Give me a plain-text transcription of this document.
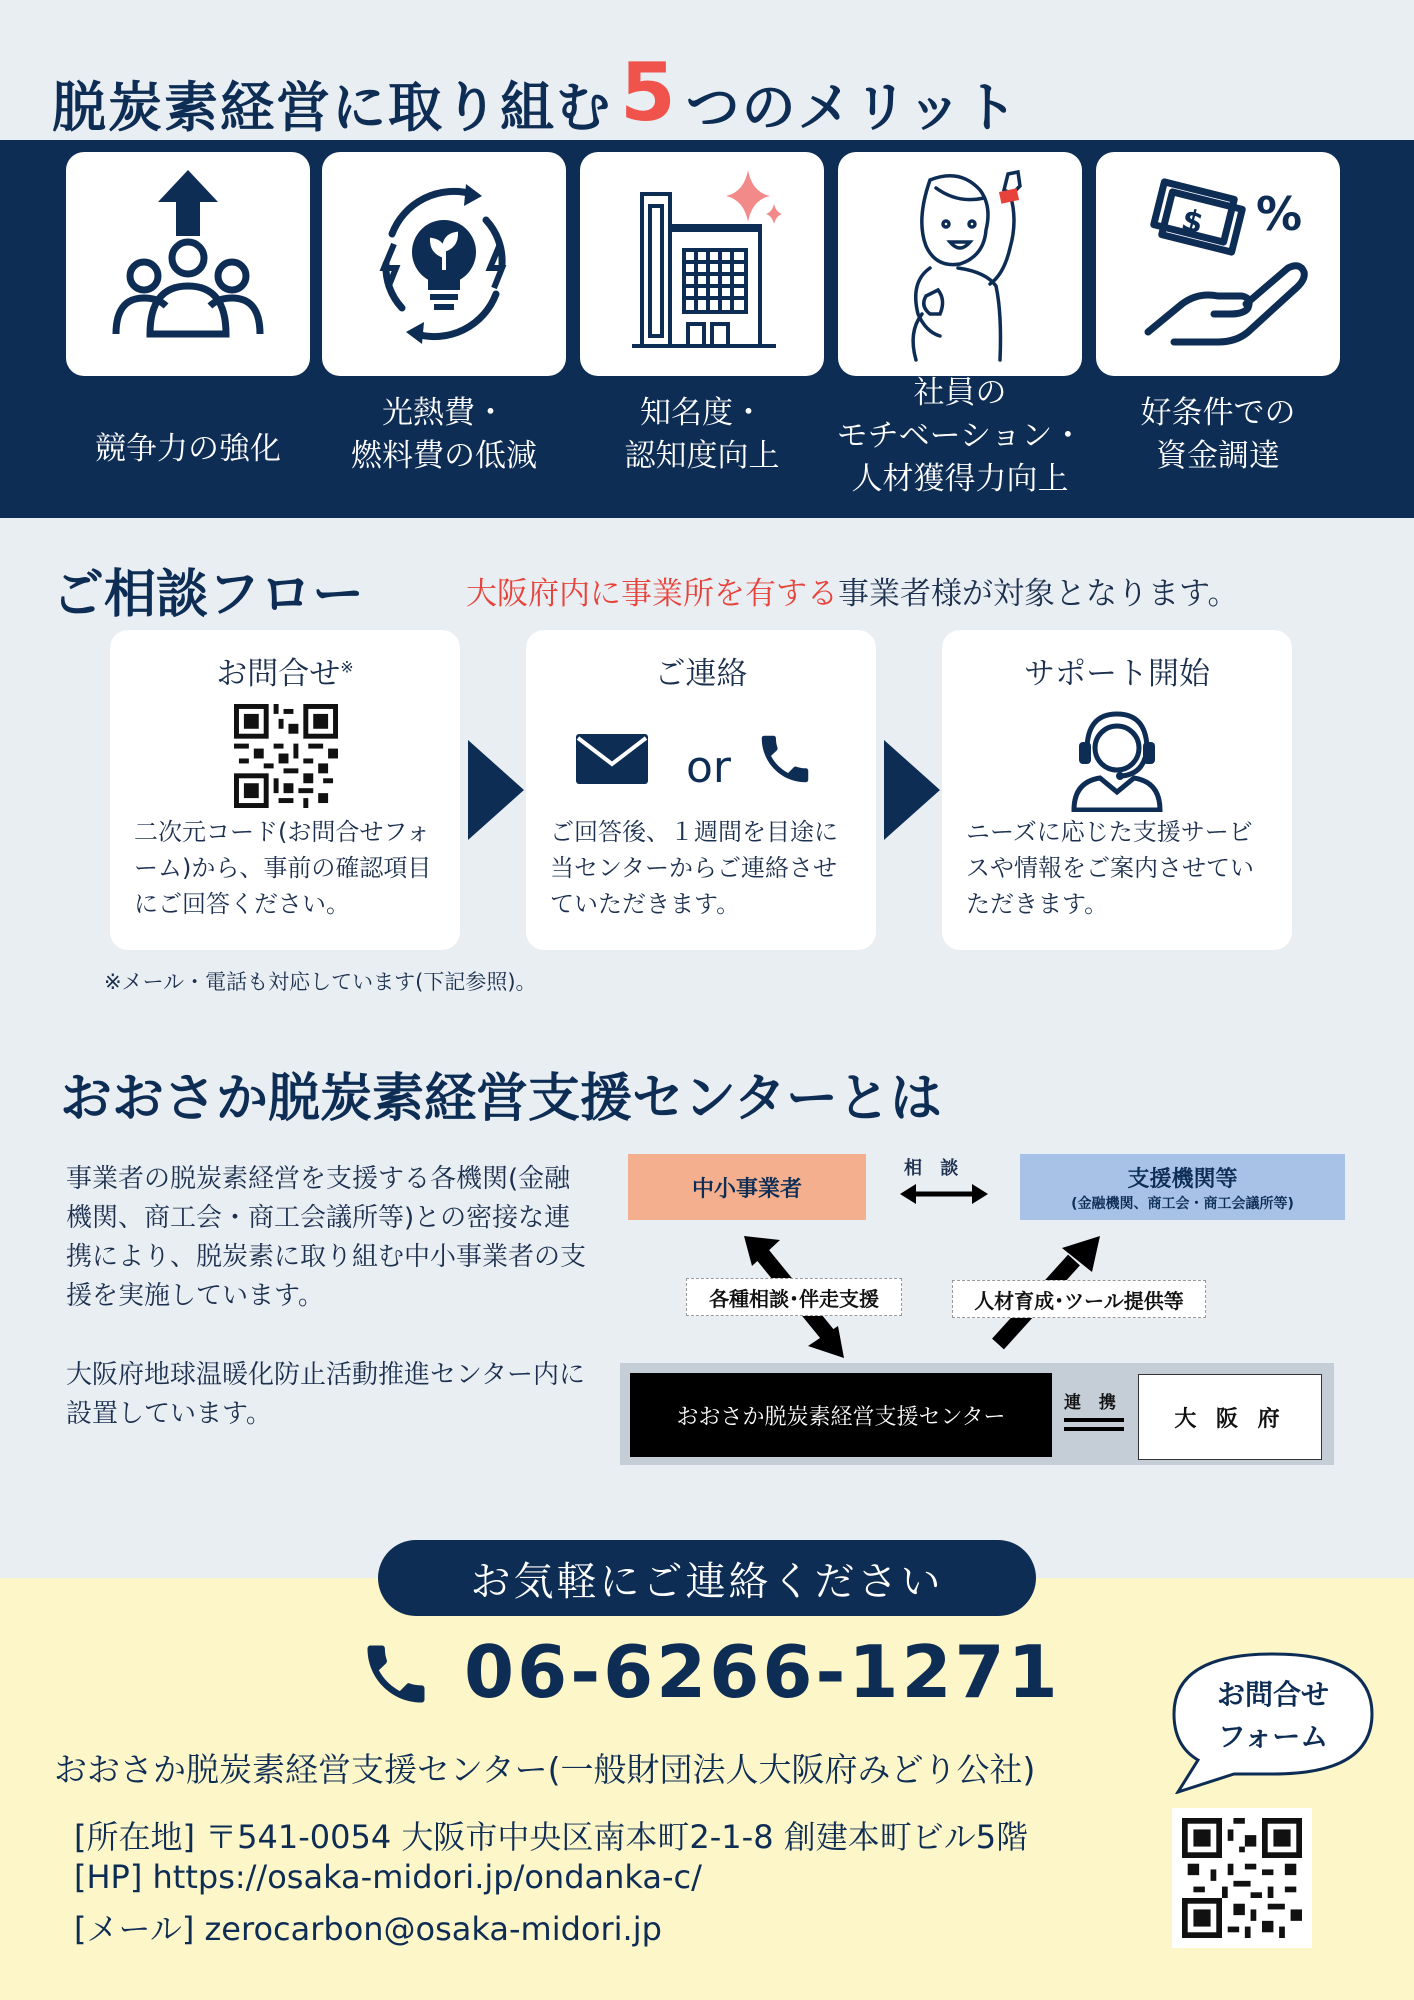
脱炭素経営に取り組む 5 つのメリット
$ %
競争力の強化
光熱費・
燃料費の低減
知名度・
認知度向上
社員の
モチベーション・
人材獲得力向上
好条件での
資金調達
ご相談フロー	大阪府内に事業所を有する事業者様が対象となります。
お問合せ※
二次元コード(お問合せフォーム)から、事前の確認項目にご回答ください。
ご連絡
or
ご回答後、１週間を目途に当センターからご連絡させていただきます。
サポート開始
ニーズに応じた支援サービスや情報をご案内させていただきます。
※メール・電話も対応しています(下記参照)。
おおさか脱炭素経営支援センターとは
事業者の脱炭素経営を支援する各機関(金融機関、商工会・商工会議所等)との密接な連携により、脱炭素に取り組む中小事業者の支援を実施しています。
大阪府地球温暖化防止活動推進センター内に設置しています。
中小事業者
相 談	支援機関等
(金融機関、商工会・商工会議所等)
各種相談･伴走支援	人材育成･ツール提供等
おおさか脱炭素経営支援センター
連 携
大 阪 府
お気軽にご連絡ください
06-6266-1271
おおさか脱炭素経営支援センター(一般財団法人大阪府みどり公社)
[所在地] 〒541-0054 大阪市中央区南本町2-1-8 創建本町ビル5階
[HP] https://osaka-midori.jp/ondanka-c/
[メール] zerocarbon@osaka-midori.jp
お問合せ
フォーム
